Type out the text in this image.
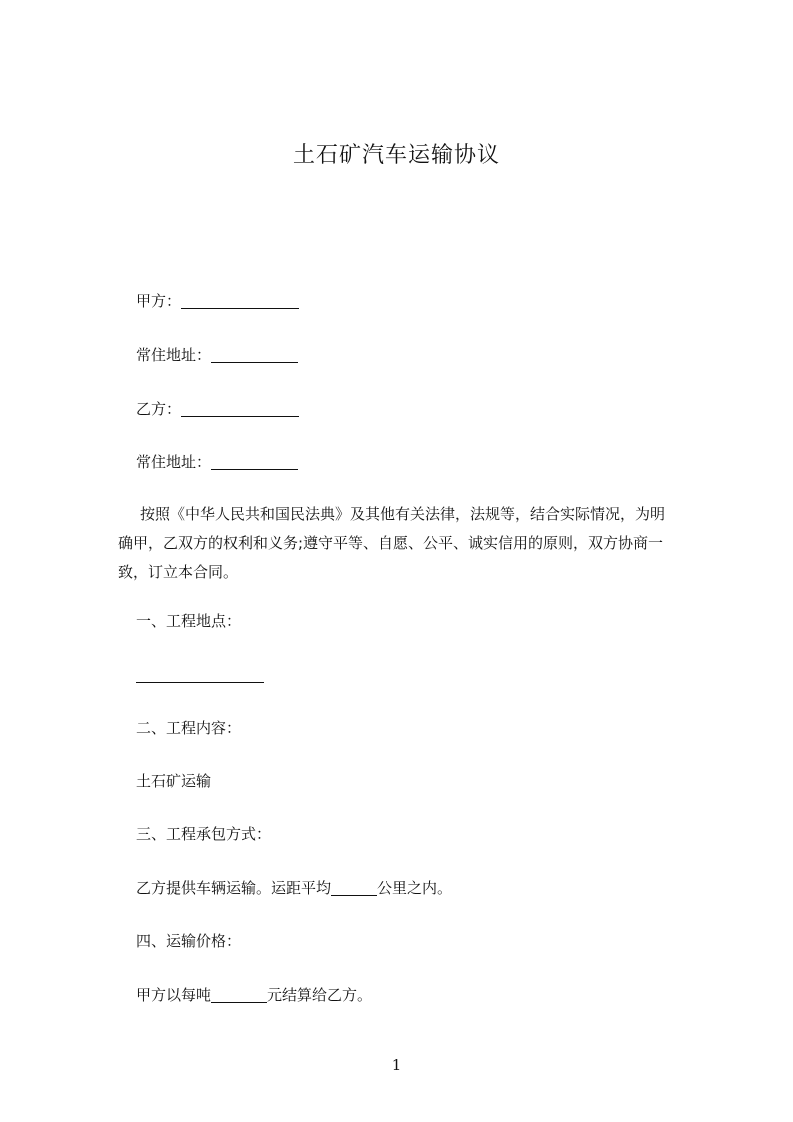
土石矿汽车运输协议
甲方：
常住地址：
乙方：
常住地址：
按照《中华人民共和国民法典》及其他有关法律，法规等，结合实际情况，为明
确甲，乙双方的权利和义务;遵守平等、自愿、公平、诚实信用的原则，双方协商一
致，订立本合同。
一、工程地点：
二、工程内容：
土石矿运输
三、工程承包方式：
乙方提供车辆运输。运距平均	公里之内。
四、运输价格：
甲方以每吨	元结算给乙方。
1
